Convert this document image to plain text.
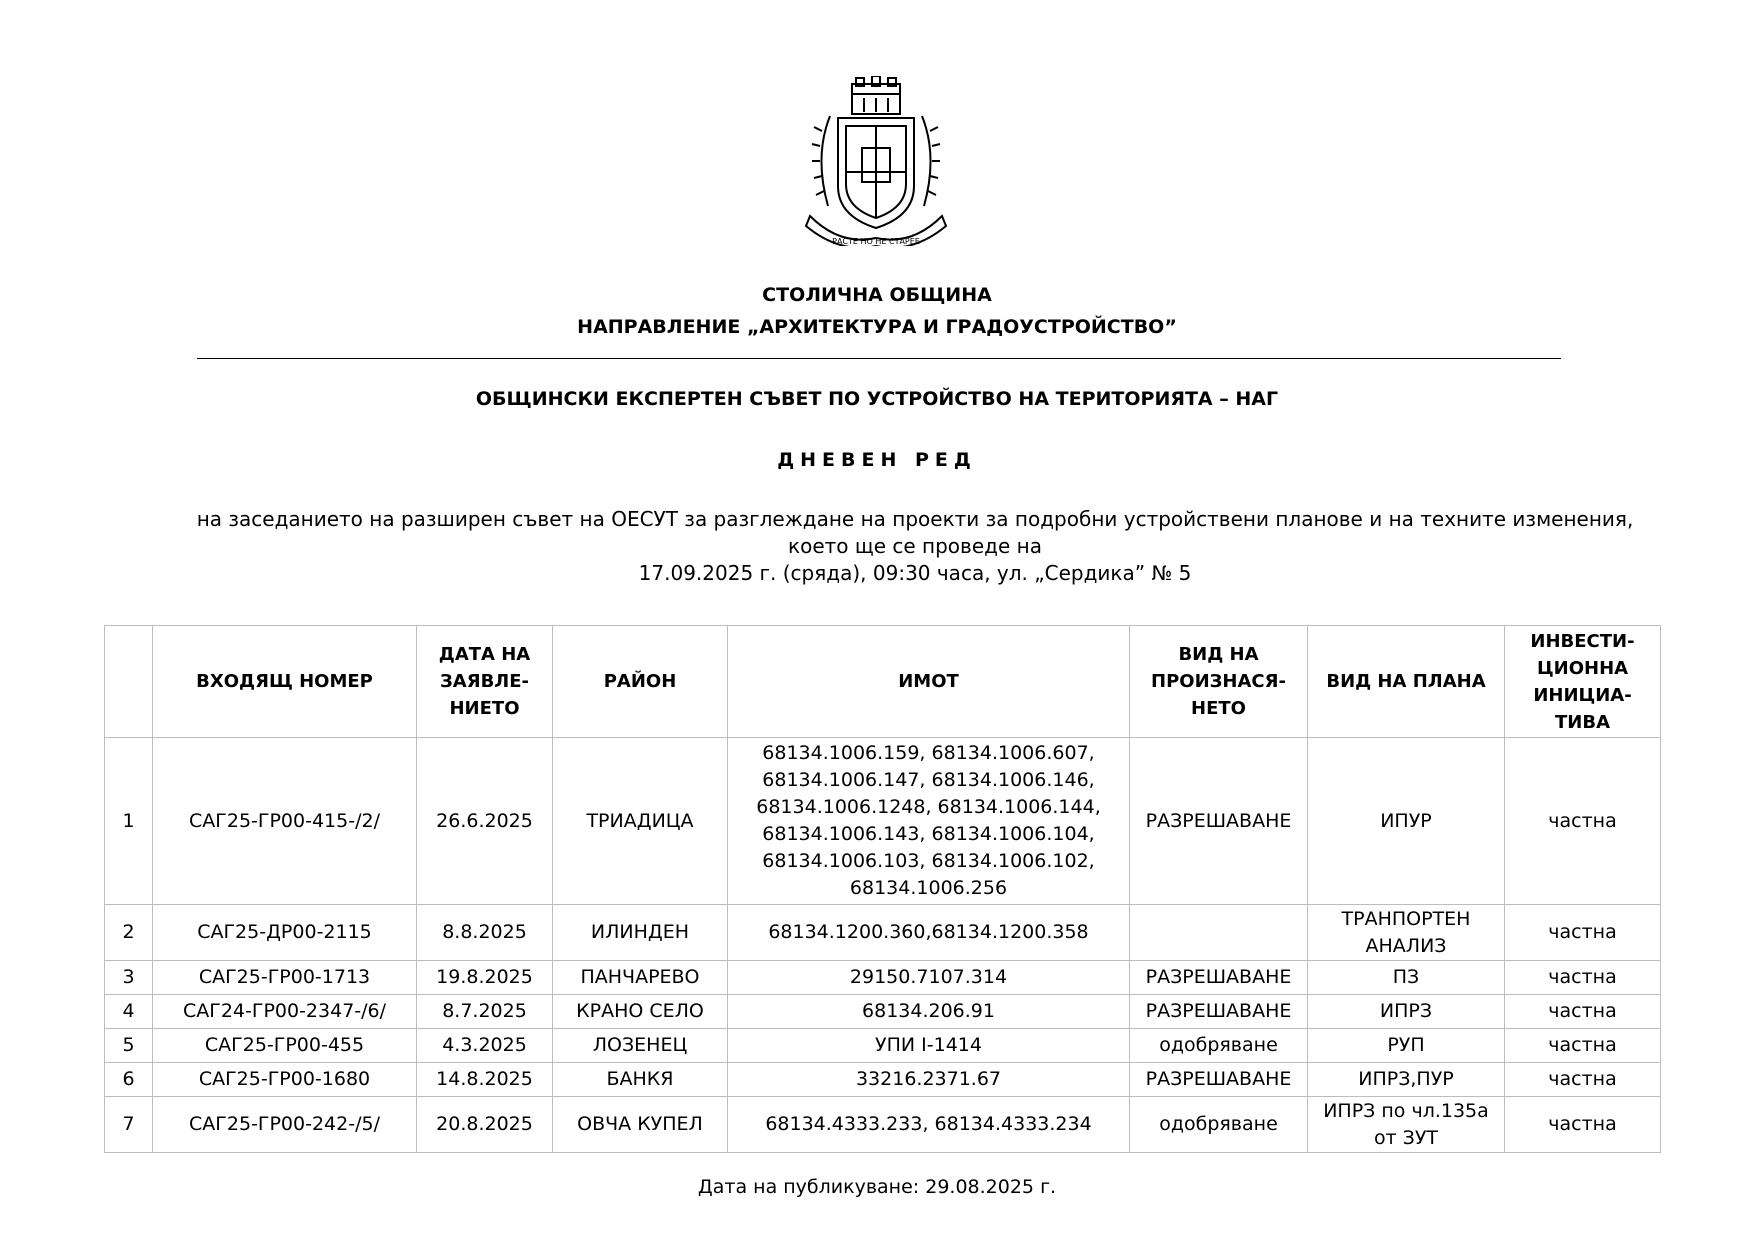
РАСТЕ НО НЕ СТАРЕЕ
СТОЛИЧНА ОБЩИНА
НАПРАВЛЕНИЕ „АРХИТЕКТУРА И ГРАДОУСТРОЙСТВО”
ОБЩИНСКИ ЕКСПЕРТЕН СЪВЕТ ПО УСТРОЙСТВО НА ТЕРИТОРИЯТА – НАГ
ДНЕВЕН РЕД
на заседанието на разширен съвет на ОЕСУТ за разглеждане на проекти за подробни устройствени планове и на техните изменения, което ще се проведе на
17.09.2025 г. (сряда), 09:30 часа, ул. „Сердика” № 5
	ВХОДЯЩ НОМЕР	ДАТА НА ЗАЯВЛЕ-НИЕТО	РАЙОН	ИМОТ	ВИД НА ПРОИЗНАСЯ-НЕТО	ВИД НА ПЛАНА	ИНВЕСТИ-ЦИОННА ИНИЦИА-ТИВА
1	САГ25-ГР00-415-/2/	26.6.2025	ТРИАДИЦА	68134.1006.159, 68134.1006.607, 68134.1006.147, 68134.1006.146, 68134.1006.1248, 68134.1006.144, 68134.1006.143, 68134.1006.104, 68134.1006.103, 68134.1006.102, 68134.1006.256	РАЗРЕШАВАНЕ	ИПУР	частна
2	САГ25-ДР00-2115	8.8.2025	ИЛИНДЕН	68134.1200.360,68134.1200.358		ТРАНПОРТЕН АНАЛИЗ	частна
3	САГ25-ГР00-1713	19.8.2025	ПАНЧАРЕВО	29150.7107.314	РАЗРЕШАВАНЕ	ПЗ	частна
4	САГ24-ГР00-2347-/6/	8.7.2025	КРАНО СЕЛО	68134.206.91	РАЗРЕШАВАНЕ	ИПРЗ	частна
5	САГ25-ГР00-455	4.3.2025	ЛОЗЕНЕЦ	УПИ I-1414	одобряване	РУП	частна
6	САГ25-ГР00-1680	14.8.2025	БАНКЯ	33216.2371.67	РАЗРЕШАВАНЕ	ИПРЗ,ПУР	частна
7	САГ25-ГР00-242-/5/	20.8.2025	ОВЧА КУПЕЛ	68134.4333.233, 68134.4333.234	одобряване	ИПРЗ по чл.135а от ЗУТ	частна
Дата на публикуване: 29.08.2025 г.
